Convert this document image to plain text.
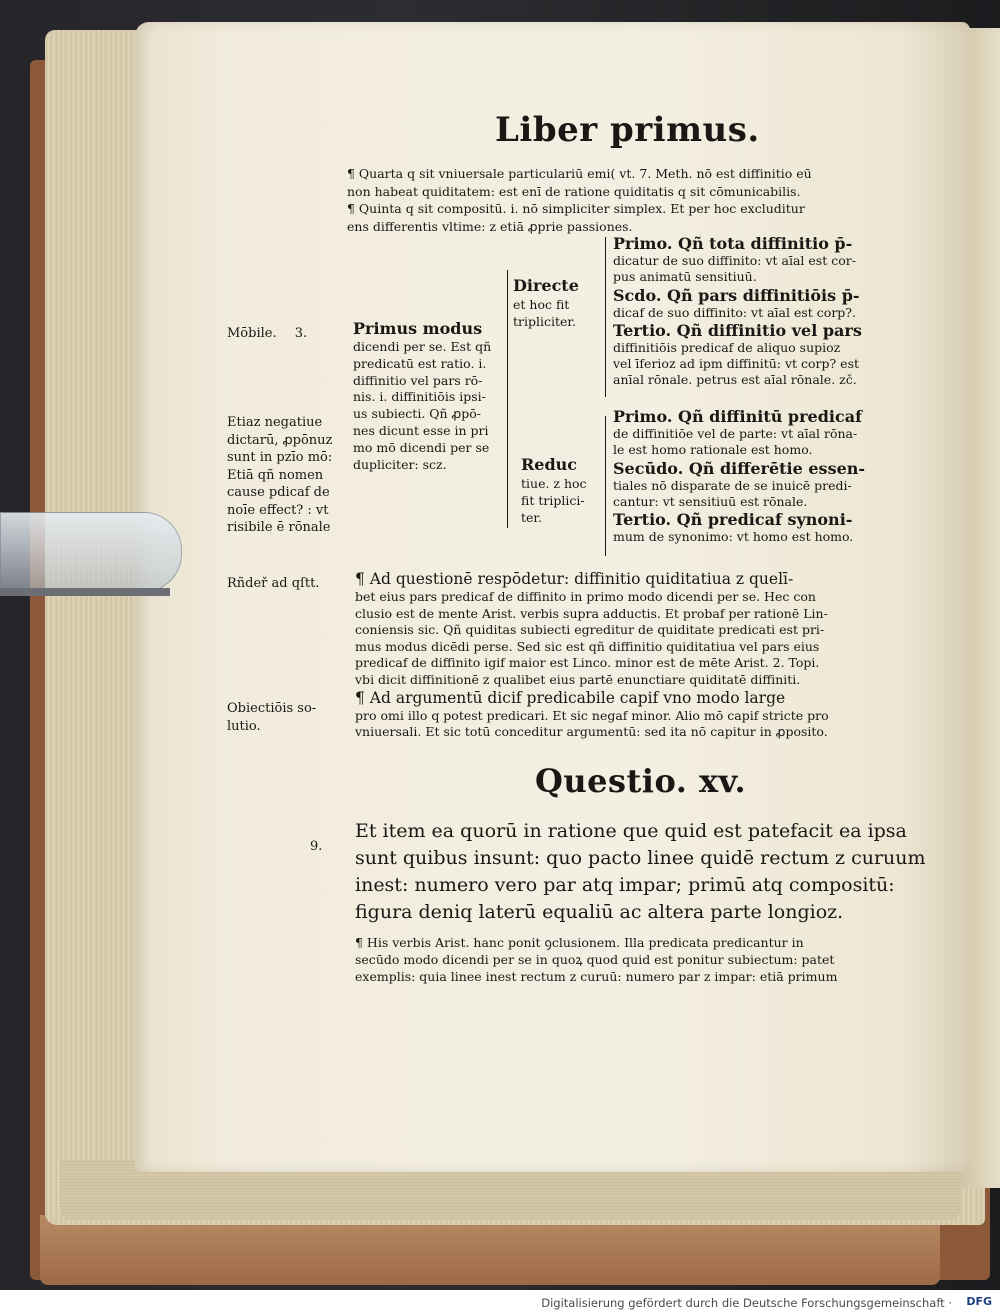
Liber primus.
¶ Quarta q sit vniuersale particulariū emi( vt. 7. Meth. nō est diffinitio eū
non habeat quiditatem: est enī de ratione quiditatis q sit cōmunicabilis.
¶ Quinta q sit compositū. i. nō simpliciter simplex. Et per hoc excluditur
ens differentis vltime: z etiā ꝓprie passiones.
Mōbile. 3.
Etiaz negatiue
dictarū, ꝓpōnuz
sunt in pzīo mō:
Etiā qñ nomen
cause pdicaf de
noīe effect? : vt
risibile ē rōnale
Rñdeř ad qſtt.
Obiectiōis so-
lutio.
9.
Primus modus
dicendi per se. Est qñ
predicatū est ratio. i.
diffinitio vel pars rō-
nis. i. diffinitiōis ipsi-
us subiecti. Qñ ꝓpō-
nes dicunt esse in pri
mo mō dicendi per se
dupliciter: scz.
Directe
et hoc fit
tripliciter.
Reduc
tiue. z hoc
fit triplici-
ter.
Primo. Qñ tota diffinitio p̄-
dicatur de suo diffinito: vt aīal est cor-
pus animatū sensitiuū.
Scdo. Qñ pars diffinitiōis p̄-
dicaf de suo diffinito: vt aīal est corp?.
Tertio. Qñ diffinitio vel pars
diffinitiōis predicaf de aliquo supioz
vel īferioz ad ipm diffinitū: vt corp? est
anīal rōnale. petrus est aīal rōnale. zč.
Primo. Qñ diffinitū predicaf
de diffinitiōe vel de parte: vt aīal rōna-
le est homo rationale est homo.
Secūdo. Qñ differētie essen-
tiales nō disparate de se inuicē predi-
cantur: vt sensitiuū est rōnale.
Tertio. Qñ predicaf synoni-
mum de synonimo: vt homo est homo.
¶ Ad questionē respōdetur: diffinitio quiditatiua z quelī-
bet eius pars predicaf de diffinito in primo modo dicendi per se. Hec con
clusio est de mente Arist. verbis supra adductis. Et probaf per rationē Lin-
coniensis sic. Qñ quiditas subiecti egreditur de quiditate predicati est pri-
mus modus dicēdi perse. Sed sic est qñ diffinitio quiditatiua vel pars eius
predicaf de diffinito igif maior est Linco. minor est de mēte Arist. 2. Topi.
vbi dicit diffinitionē z qualibet eius partē enunctiare quiditatē diffiniti.
¶ Ad argumentū dicif predicabile capif vno modo large
pro omi illo q potest predicari. Et sic negaf minor. Alio mō capif stricte pro
vniuersali. Et sic totū conceditur argumentū: sed ita nō capitur in ꝓposito.
Questio. xv.
Et item ea quorū in ratione que quid est patefacit ea ipsa
sunt quibus insunt: quo pacto linee quidē rectum z curuum
inest: numero vero par atq impar; primū atq compositū:
figura deniq laterū equaliū ac altera parte longioz.
¶ His verbis Arist. hanc ponit ꝯclusionem. Illa predicata predicantur in
secūdo modo dicendi per se in quoꝝ quod quid est ponitur subiectum: patet
exemplis: quia linee inest rectum z curuū: numero par z impar: etiā primum
Digitalisierung gefördert durch die Deutsche Forschungsgemeinschaft · DFG
